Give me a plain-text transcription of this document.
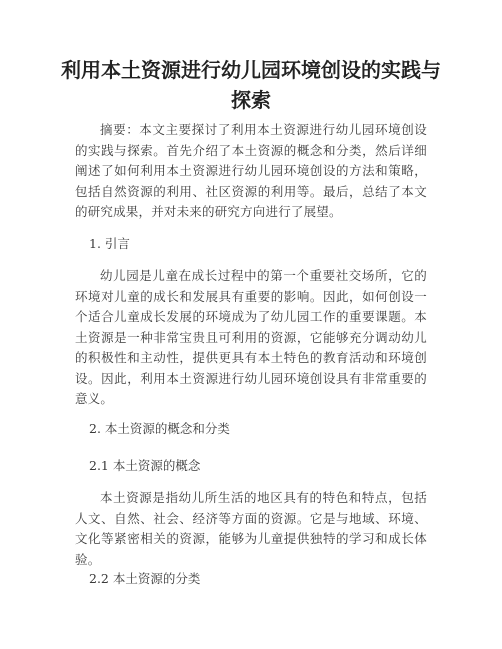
利用本土资源进行幼儿园环境创设的实践与探索

摘要：本文主要探讨了利用本土资源进行幼儿园环境创设的实践与探索。首先介绍了本土资源的概念和分类，然后详细阐述了如何利用本土资源进行幼儿园环境创设的方法和策略，包括自然资源的利用、社区资源的利用等。最后，总结了本文的研究成果，并对未来的研究方向进行了展望。

1. 引言

幼儿园是儿童在成长过程中的第一个重要社交场所，它的环境对儿童的成长和发展具有重要的影响。因此，如何创设一个适合儿童成长发展的环境成为了幼儿园工作的重要课题。本土资源是一种非常宝贵且可利用的资源，它能够充分调动幼儿的积极性和主动性，提供更具有本土特色的教育活动和环境创设。因此，利用本土资源进行幼儿园环境创设具有非常重要的意义。

2. 本土资源的概念和分类

2.1 本土资源的概念

本土资源是指幼儿所生活的地区具有的特色和特点，包括人文、自然、社会、经济等方面的资源。它是与地域、环境、文化等紧密相关的资源，能够为儿童提供独特的学习和成长体验。

2.2 本土资源的分类
